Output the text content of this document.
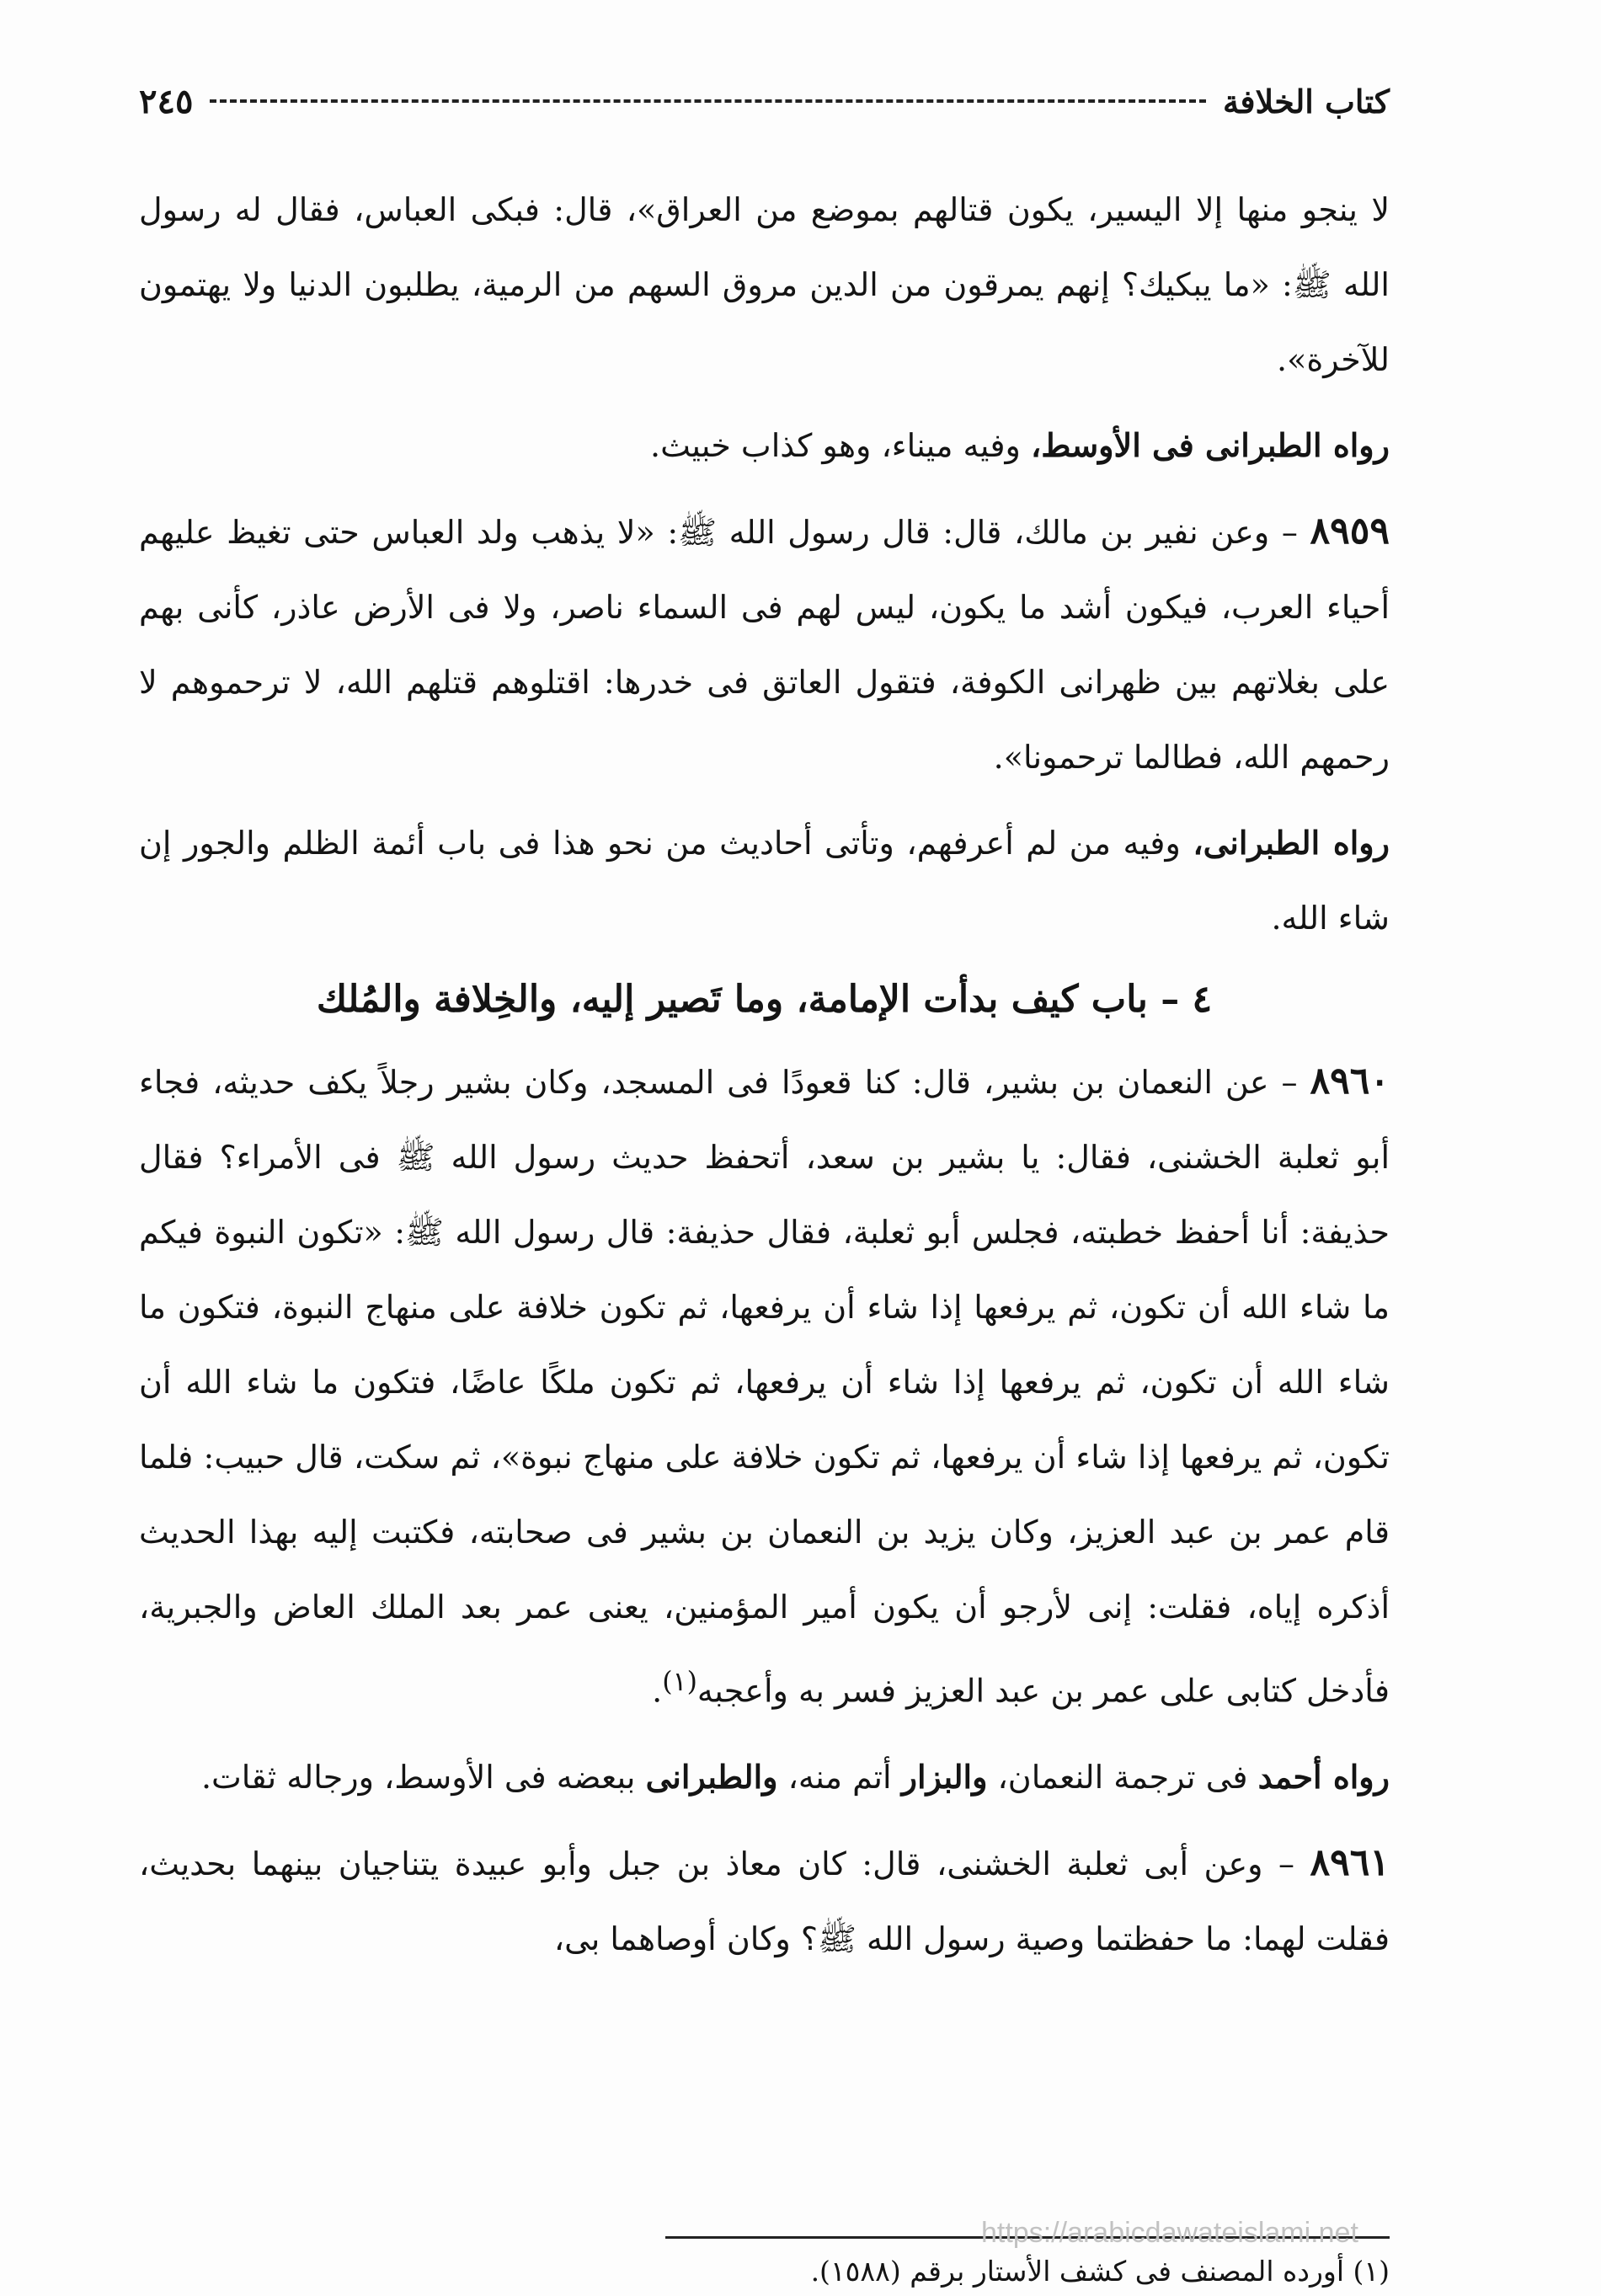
كتاب الخلافة
٢٤٥

لا ينجو منها إلا اليسير، يكون قتالهم بموضع من العراق»، قال: فبكى العباس، فقال له رسول الله ﷺ: «ما يبكيك؟ إنهم يمرقون من الدين مروق السهم من الرمية، يطلبون الدنيا ولا يهتمون للآخرة».

رواه الطبرانى فى الأوسط، وفيه ميناء، وهو كذاب خبيث.

٨٩٥٩ – وعن نفير بن مالك، قال: قال رسول الله ﷺ: «لا يذهب ولد العباس حتى تغيظ عليهم أحياء العرب، فيكون أشد ما يكون، ليس لهم فى السماء ناصر، ولا فى الأرض عاذر، كأنى بهم على بغلاتهم بين ظهرانى الكوفة، فتقول العاتق فى خدرها: اقتلوهم قتلهم الله، لا ترحموهم لا رحمهم الله، فطالما ترحمونا».

رواه الطبرانى، وفيه من لم أعرفهم، وتأتى أحاديث من نحو هذا فى باب أئمة الظلم والجور إن شاء الله.

٤ – باب كيف بدأت الإمامة، وما تَصير إليه، والخِلافة والمُلك

٨٩٦٠ – عن النعمان بن بشير، قال: كنا قعودًا فى المسجد، وكان بشير رجلاً يكف حديثه، فجاء أبو ثعلبة الخشنى، فقال: يا بشير بن سعد، أتحفظ حديث رسول الله ﷺ فى الأمراء؟ فقال حذيفة: أنا أحفظ خطبته، فجلس أبو ثعلبة، فقال حذيفة: قال رسول الله ﷺ: «تكون النبوة فيكم ما شاء الله أن تكون، ثم يرفعها إذا شاء أن يرفعها، ثم تكون خلافة على منهاج النبوة، فتكون ما شاء الله أن تكون، ثم يرفعها إذا شاء أن يرفعها، ثم تكون ملكًا عاضًا، فتكون ما شاء الله أن تكون، ثم يرفعها إذا شاء أن يرفعها، ثم تكون خلافة على منهاج نبوة»، ثم سكت، قال حبيب: فلما قام عمر بن عبد العزيز، وكان يزيد بن النعمان بن بشير فى صحابته، فكتبت إليه بهذا الحديث أذكره إياه، فقلت: إنى لأرجو أن يكون أمير المؤمنين، يعنى عمر بعد الملك العاض والجبرية، فأدخل كتابى على عمر بن عبد العزيز فسر به وأعجبه$^{(١)}$.

رواه أحمد فى ترجمة النعمان، والبزار أتم منه، والطبرانى ببعضه فى الأوسط، ورجاله ثقات.

٨٩٦١ – وعن أبى ثعلبة الخشنى، قال: كان معاذ بن جبل وأبو عبيدة يتناجيان بينهما بحديث، فقلت لهما: ما حفظتما وصية رسول الله ﷺ؟ وكان أوصاهما بى،

(١) أورده المصنف فى كشف الأستار برقم (١٥٨٨).
https://arabicdawateislami.net
